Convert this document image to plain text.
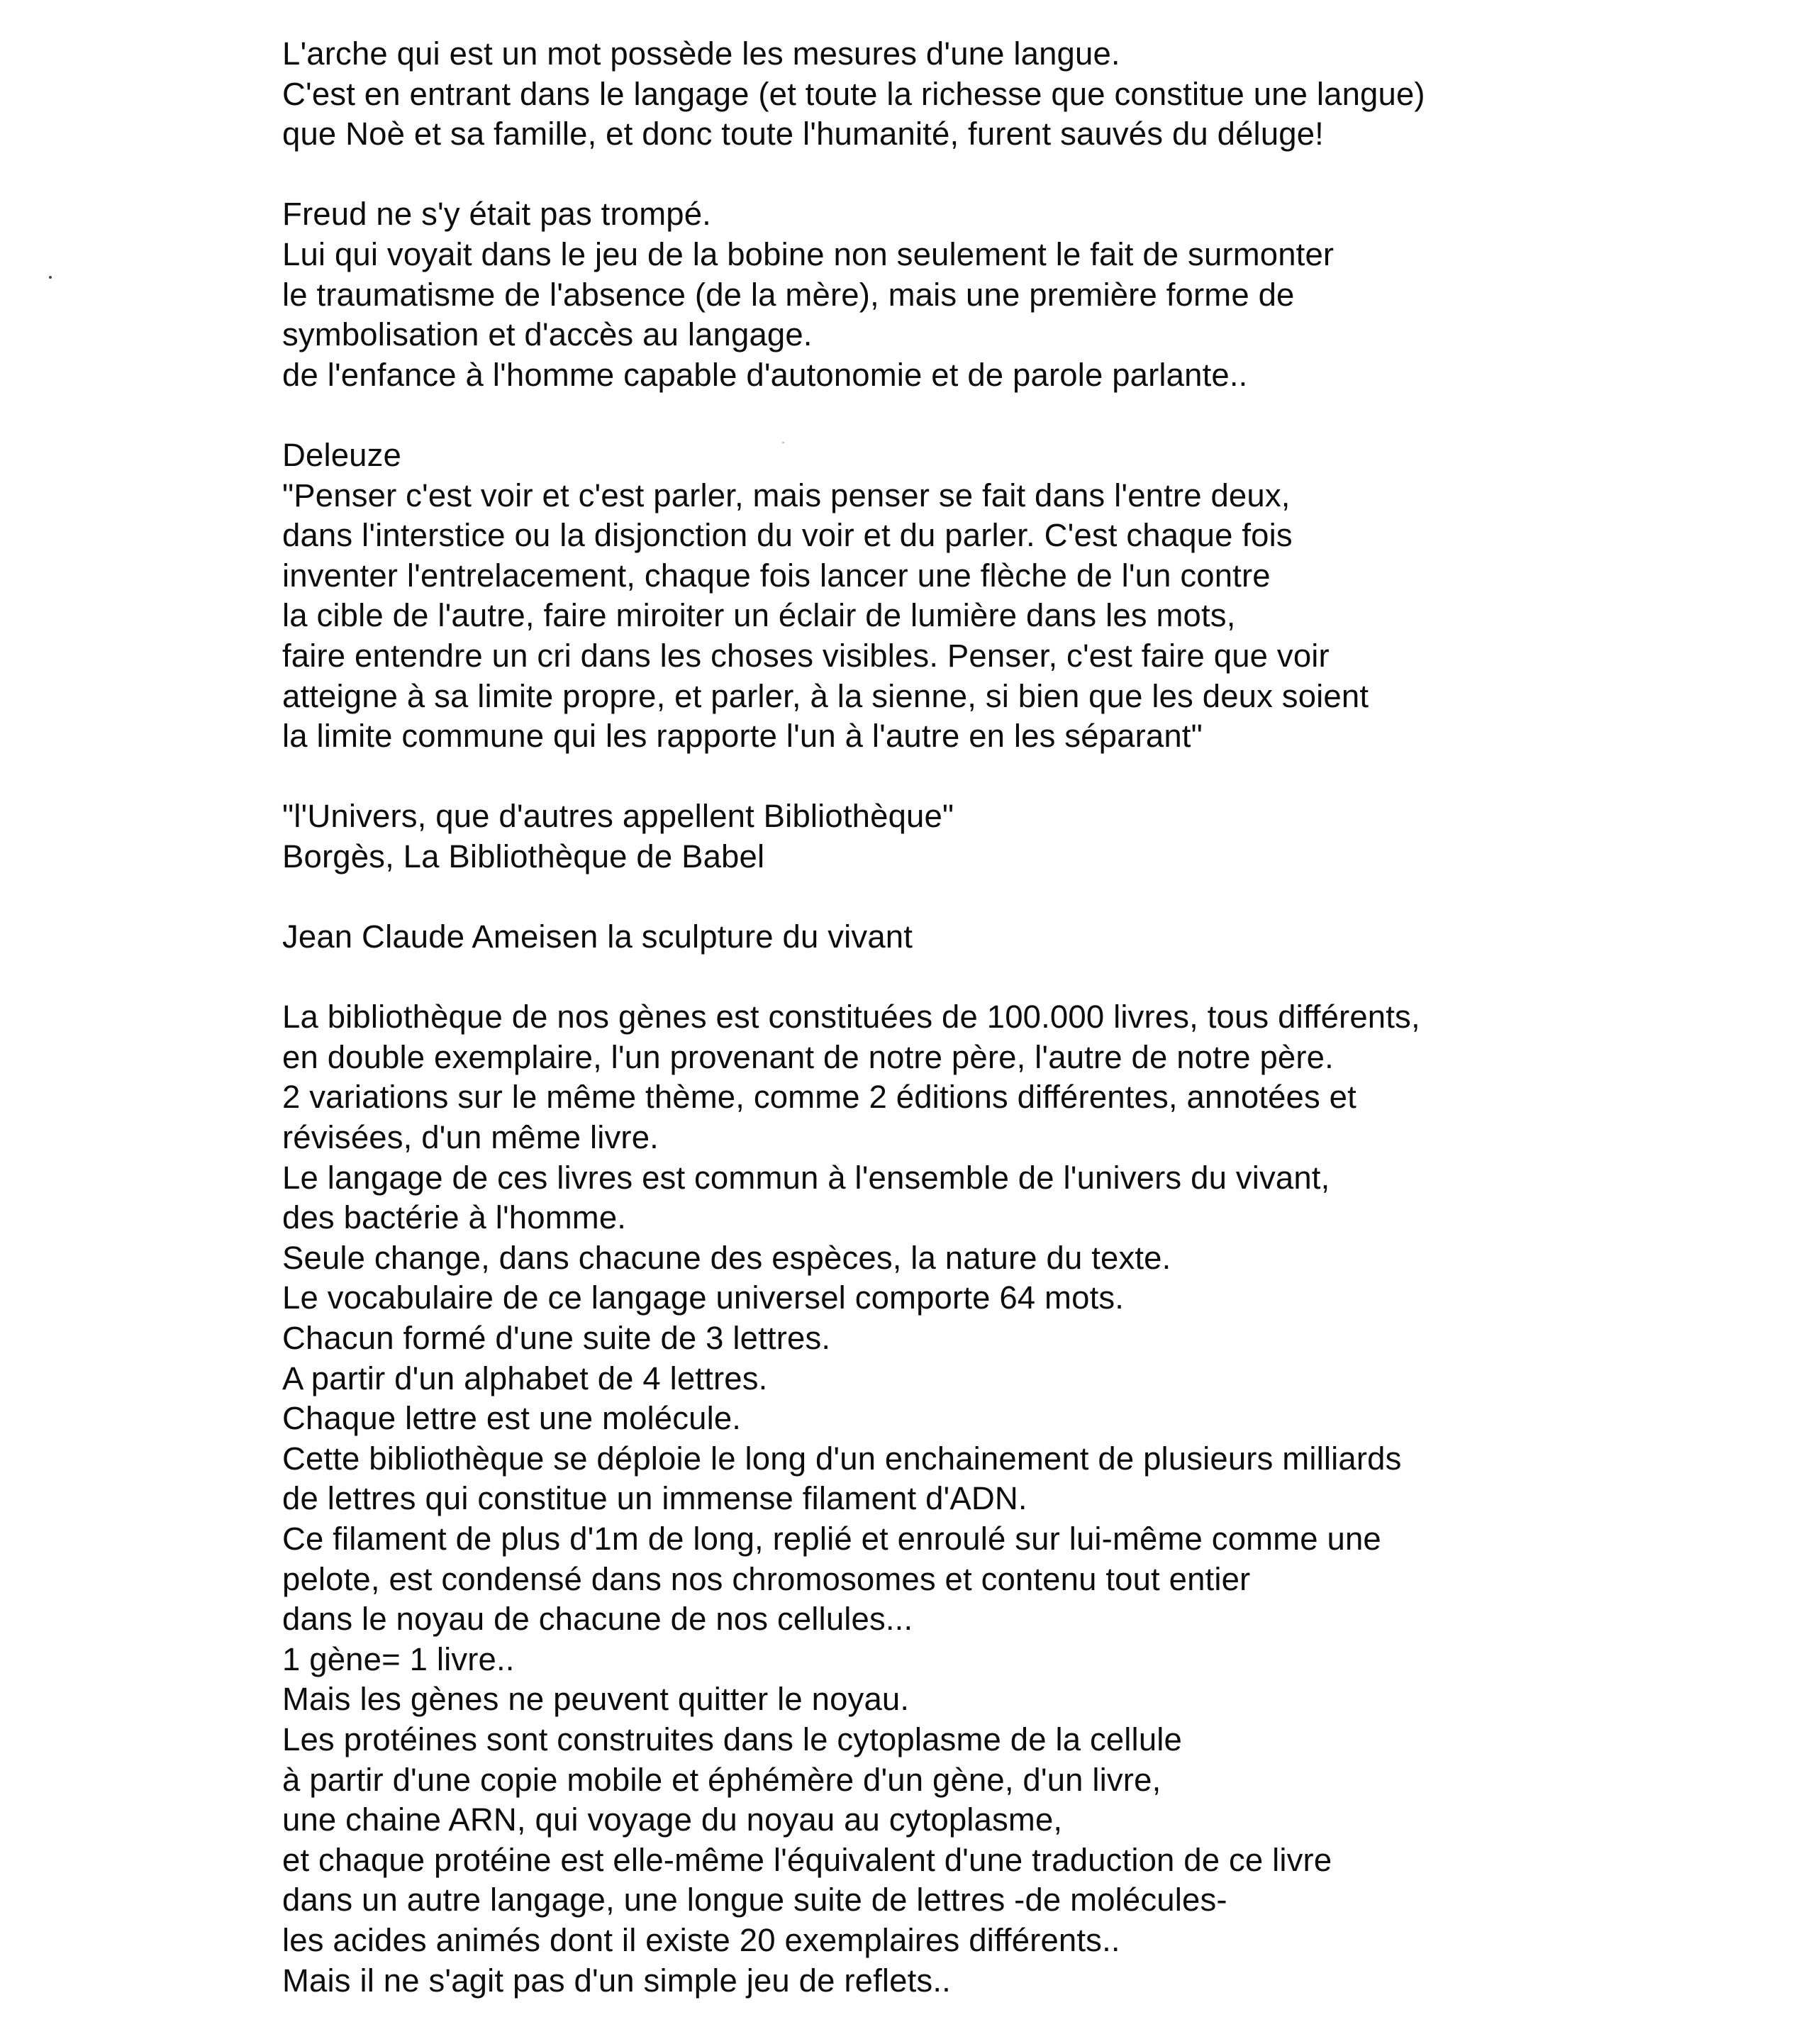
L'arche qui est un mot possède les mesures d'une langue.
C'est en entrant dans le langage (et toute la richesse que constitue une langue)
que Noè et sa famille, et donc toute l'humanité, furent sauvés du déluge!
Freud ne s'y était pas trompé.
Lui qui voyait dans le jeu de la bobine non seulement le fait de surmonter
le traumatisme de l'absence (de la mère), mais une première forme de
symbolisation et d'accès au langage.
de l'enfance à l'homme capable d'autonomie et de parole parlante..
Deleuze
"Penser c'est voir et c'est parler, mais penser se fait dans l'entre deux,
dans l'interstice ou la disjonction du voir et du parler. C'est chaque fois
inventer l'entrelacement, chaque fois lancer une flèche de l'un contre
la cible de l'autre, faire miroiter un éclair de lumière dans les mots,
faire entendre un cri dans les choses visibles. Penser, c'est faire que voir
atteigne à sa limite propre, et parler, à la sienne, si bien que les deux soient
la limite commune qui les rapporte l'un à l'autre en les séparant"
"l'Univers, que d'autres appellent Bibliothèque"
Borgès, La Bibliothèque de Babel
Jean Claude Ameisen la sculpture du vivant
La bibliothèque de nos gènes est constituées de 100.000 livres, tous différents,
en double exemplaire, l'un provenant de notre père, l'autre de notre père.
2 variations sur le même thème, comme 2 éditions différentes, annotées et
révisées, d'un même livre.
Le langage de ces livres est commun à l'ensemble de l'univers du vivant,
des bactérie à l'homme.
Seule change, dans chacune des espèces, la nature du texte.
Le vocabulaire de ce langage universel comporte 64 mots.
Chacun formé d'une suite de 3 lettres.
A partir d'un alphabet de 4 lettres.
Chaque lettre est une molécule.
Cette bibliothèque se déploie le long d'un enchainement de plusieurs milliards
de lettres qui constitue un immense filament d'ADN.
Ce filament de plus d'1m de long, replié et enroulé sur lui-même comme une
pelote, est condensé dans nos chromosomes et contenu tout entier
dans le noyau de chacune de nos cellules...
1 gène= 1 livre..
Mais les gènes ne peuvent quitter le noyau.
Les protéines sont construites dans le cytoplasme de la cellule
à partir d'une copie mobile et éphémère d'un gène, d'un livre,
une chaine ARN, qui voyage du noyau au cytoplasme,
et chaque protéine est elle-même l'équivalent d'une traduction de ce livre
dans un autre langage, une longue suite de lettres -de molécules-
les acides animés dont il existe 20 exemplaires différents..
Mais il ne s'agit pas d'un simple jeu de reflets..
